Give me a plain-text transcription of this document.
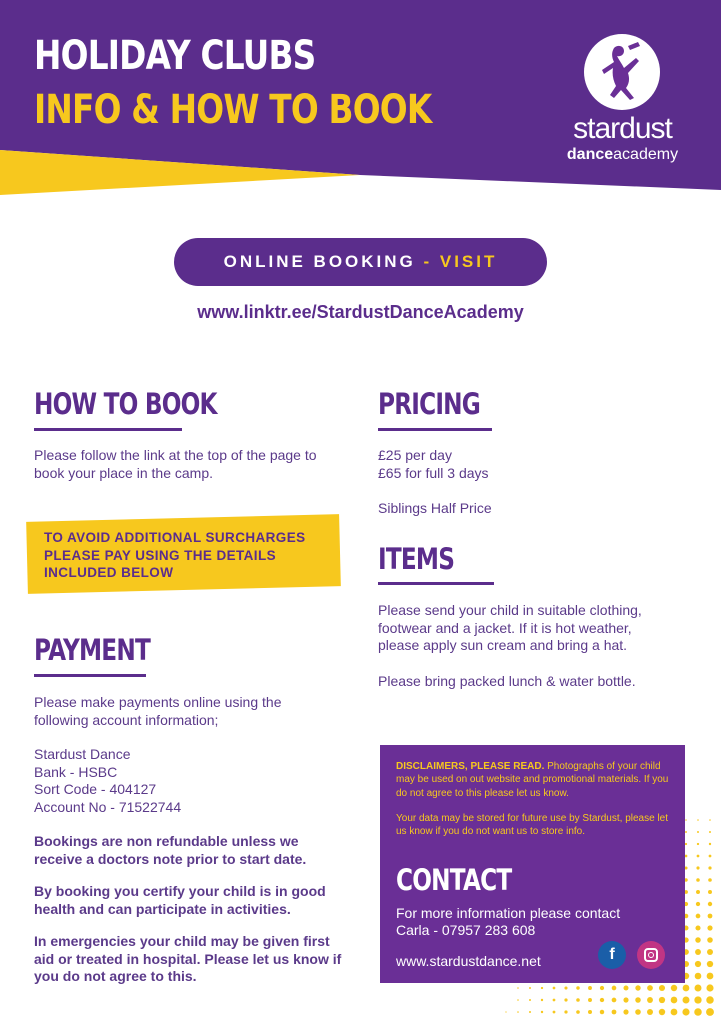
HOLIDAY CLUBS
INFO & HOW TO BOOK	stardust
danceacademy
ONLINE BOOKING - VISIT
www.linktr.ee/StardustDanceAcademy
HOW TO BOOK
Please follow the link at the top of the page to
book your place in the camp.
TO AVOID ADDITIONAL SURCHARGES
PLEASE PAY USING THE DETAILS
INCLUDED BELOW
PAYMENT
Please make payments online using the
following account information;
Stardust Dance
Bank - HSBC
Sort Code - 404127
Account No - 71522744
Bookings are non refundable unless we
receive a doctors note prior to start date.
By booking you certify your child is in good
health and can participate in activities.
In emergencies your child may be given first
aid or treated in hospital. Please let us know if
you do not agree to this.
PRICING
£25 per day
£65 for full 3 days
Siblings Half Price
ITEMS
Please send your child in suitable clothing,
footwear and a jacket. If it is hot weather,
please apply sun cream and bring a hat.
Please bring packed lunch & water bottle.
DISCLAIMERS, PLEASE READ. Photographs of your child may be used on out website and promotional materials. If you do not agree to this please let us know.
Your data may be stored for future use by Stardust, please let us know if you do not want us to store info.
CONTACT
For more information please contact
Carla - 07957 283 608
www.stardustdance.net	f
